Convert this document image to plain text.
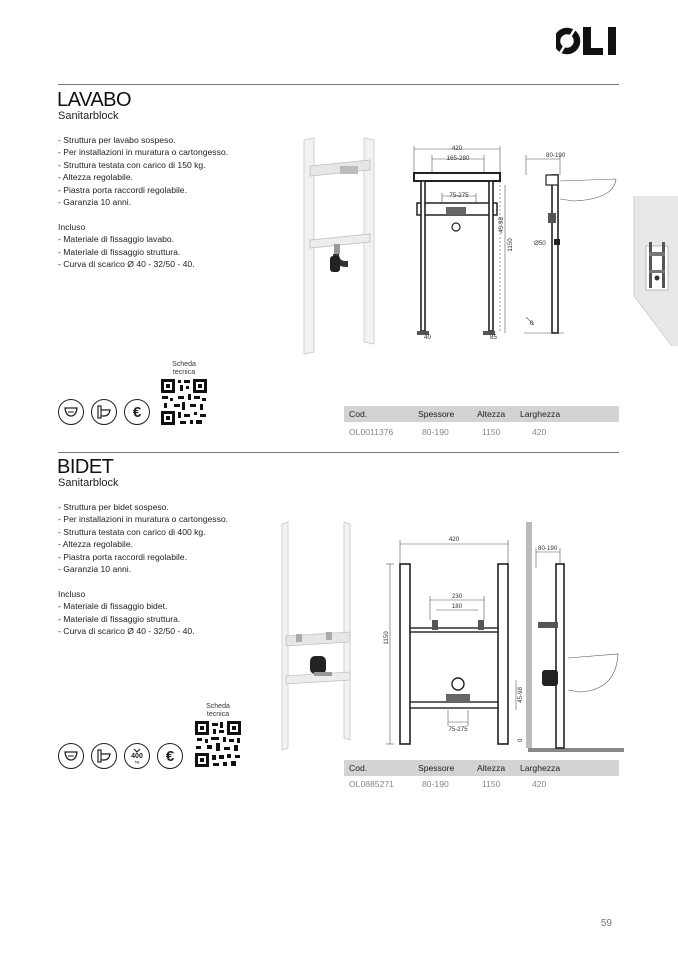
LAVABO
Sanitarblock
- Struttura per lavabo sospeso.
- Per installazioni in muratura o cartongesso.
- Struttura testata con carico di 150 kg.
- Altezza regolabile.
- Piastra porta raccordi regolabile.
- Garanzia 10 anni.
Incluso
- Materiale di fissaggio lavabo.
- Materiale di fissaggio struttura.
- Curva di scarico Ø 40 - 32/50 - 40.
420
165-280
75-275
45-98
1150
80-190
Ø50
0
40	85
Scheda
tecnica
€	Cod.	Spessore	Altezza Larghezza
OL0011376	80-190	1150	420
BIDET
Sanitarblock
- Struttura per bidet sospeso.
- Per installazioni in muratura o cartongesso.
- Struttura testata con carico di 400 kg.
- Altezza regolabile.
- Piastra porta raccordi regolabile.
- Garanzia 10 anni.
Incluso
- Materiale di fissaggio bidet.
- Materiale di fissaggio struttura.
- Curva di scarico Ø 40 - 32/50 - 40.
420
230
180
75-275
1150
45-98
80-190
0
Scheda
tecnica
400
kg €
Cod.	Spessore	Altezza Larghezza
OL0885271	80-190	1150	420
59
